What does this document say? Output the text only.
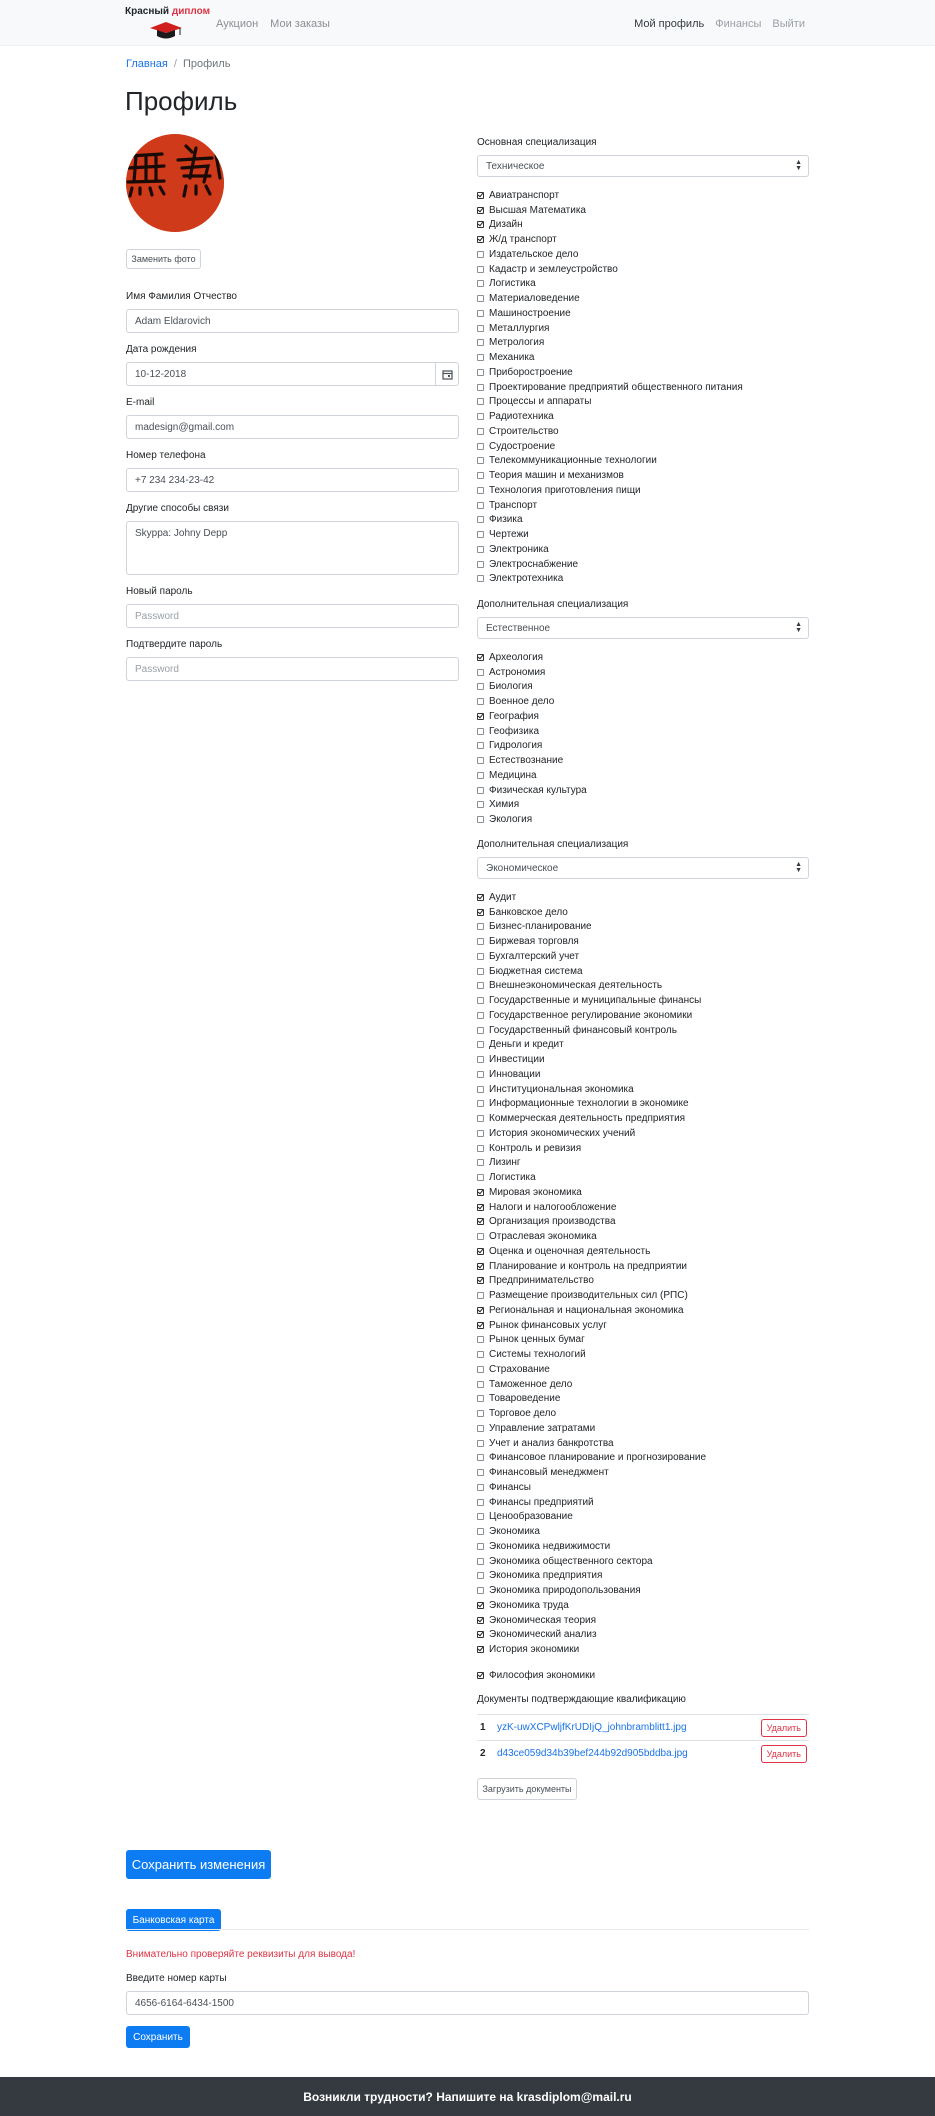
Красный диплом
Аукцион Мои заказы	Мой профиль Финансы Выйти
Главная / Профиль
Профиль
Заменить фото
Имя Фамилия Отчество
Adam Eldarovich
Дата рождения
10-12-2018
E-mail
madesign@gmail.com
Номер телефона
+7 234 234-23-42
Другие способы связи
Skyppa: Johny Depp
Новый пароль
Password
Подтвердите пароль
Password
Основная специализация
Техническое	▲
▼
Авиатранспорт
Высшая Математика
Дизайн
Ж/д транспорт
Издательское дело
Кадастр и землеустройство
Логистика
Материаловедение
Машиностроение
Металлургия
Метрология
Механика
Приборостроение
Проектирование предприятий общественного питания
Процессы и аппараты
Радиотехника
Строительство
Судостроение
Телекоммуникационные технологии
Теория машин и механизмов
Технология приготовления пищи
Транспорт
Физика
Чертежи
Электроника
Электроснабжение
Электротехника
Дополнительная специализация
Естественное	▲
▼
Археология
Астрономия
Биология
Военное дело
География
Геофизика
Гидрология
Естествознание
Медицина
Физическая культура
Химия
Экология
Дополнительная специализация
Экономическое	▲
▼
Аудит
Банковское дело
Бизнес-планирование
Биржевая торговля
Бухгалтерский учет
Бюджетная система
Внешнеэкономическая деятельность
Государственные и муниципальные финансы
Государственное регулирование экономики
Государственный финансовый контроль
Деньги и кредит
Инвестиции
Инновации
Институциональная экономика
Информационные технологии в экономике
Коммерческая деятельность предприятия
История экономических учений
Контроль и ревизия
Лизинг
Логистика
Мировая экономика
Налоги и налогообложение
Организация производства
Отраслевая экономика
Оценка и оценочная деятельность
Планирование и контроль на предприятии
Предпринимательство
Размещение производительных сил (РПС)
Региональная и национальная экономика
Рынок финансовых услуг
Рынок ценных бумаг
Системы технологий
Страхование
Таможенное дело
Товароведение
Торговое дело
Управление затратами
Учет и анализ банкротства
Финансовое планирование и прогнозирование
Финансовый менеджмент
Финансы
Финансы предприятий
Ценообразование
Экономика
Экономика недвижимости
Экономика общественного сектора
Экономика предприятия
Экономика природопользования
Экономика труда
Экономическая теория
Экономический анализ
История экономики
Философия экономики
Документы подтверждающие квалификацию
1	yzK-uwXCPwljfKrUDIjQ_johnbramblitt1.jpg	Удалить
2	d43ce059d34b39bef244b92d905bddba.jpg	Удалить
Загрузить документы
Сохранить изменения
Банковская карта
Внимательно проверяйте реквизиты для вывода!
Введите номер карты
4656-6164-6434-1500
Сохранить
Возникли трудности? Напишите на krasdiplom@mail.ru
